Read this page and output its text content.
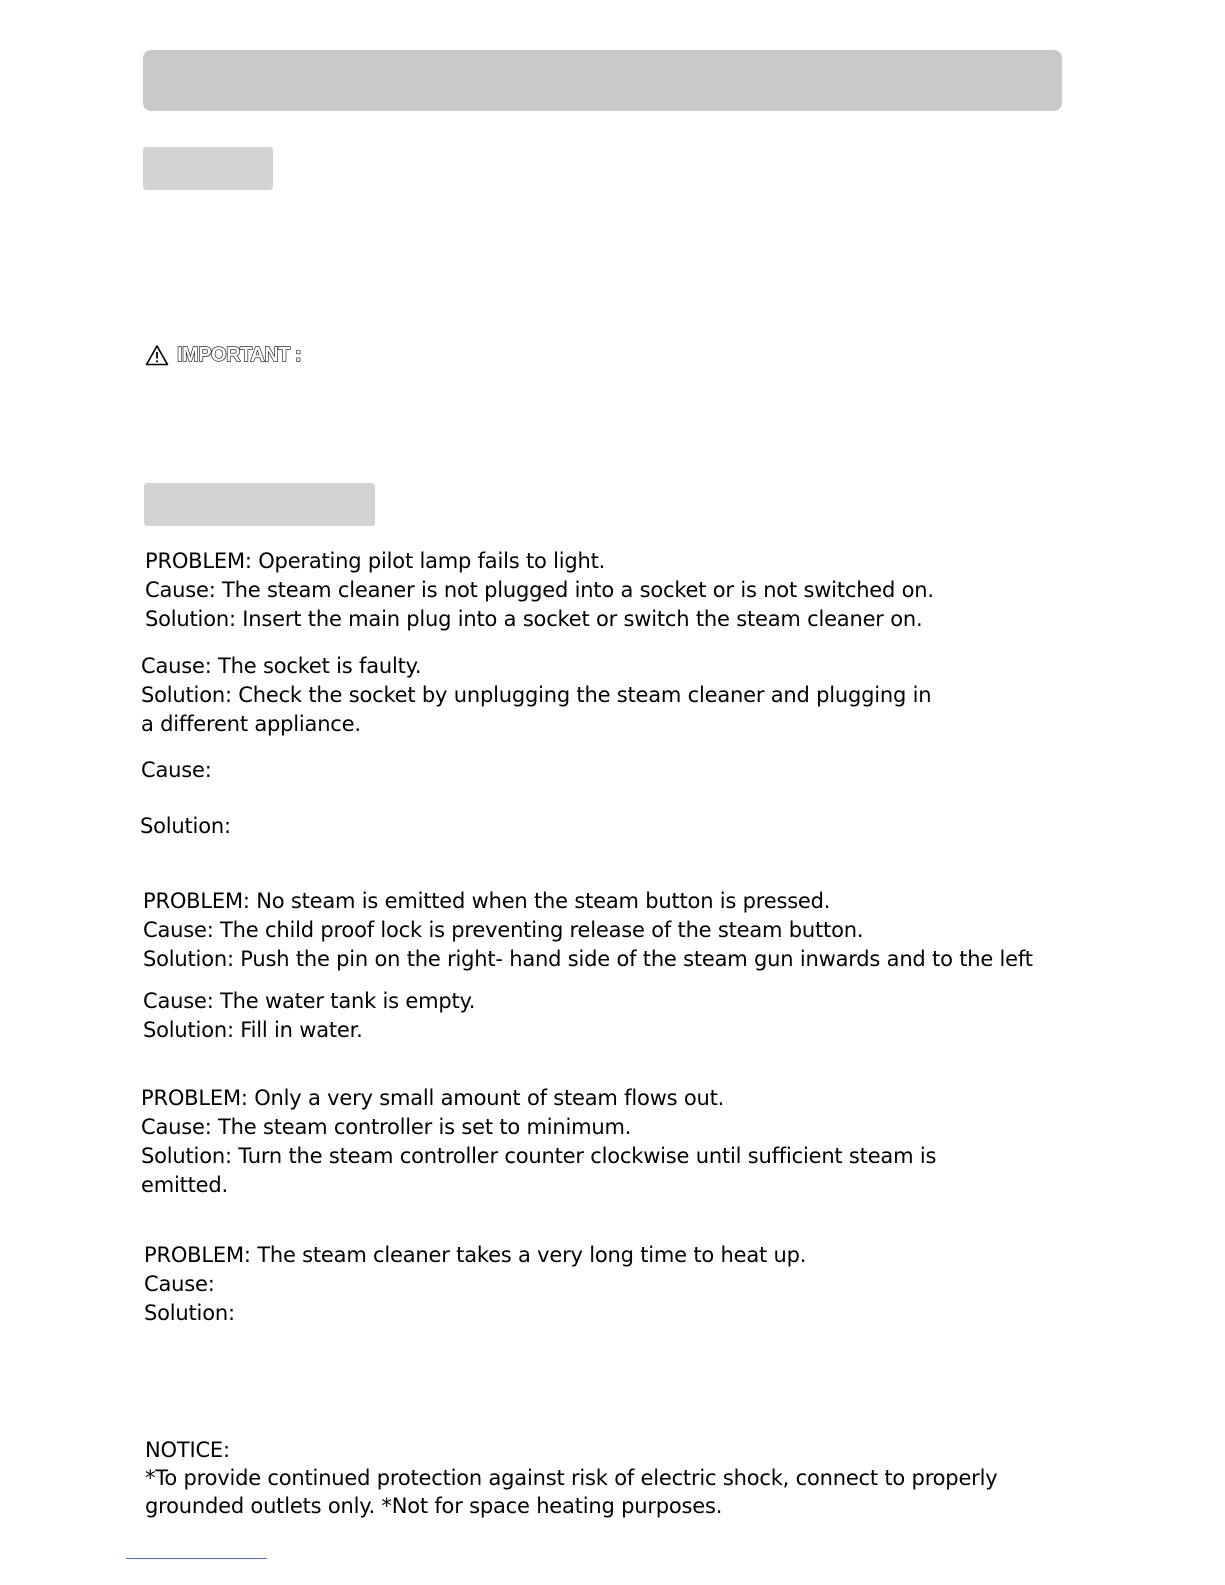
IMPORTANT :
PROBLEM: Operating pilot lamp fails to light.
Cause: The steam cleaner is not plugged into a socket or is not switched on.
Solution: Insert the main plug into a socket or switch the steam cleaner on.
Cause: The socket is faulty.
Solution: Check the socket by unplugging the steam cleaner and plugging in
a different appliance.
Cause:
Solution:
PROBLEM: No steam is emitted when the steam button is pressed.
Cause: The child proof lock is preventing release of the steam button.
Solution: Push the pin on the right- hand side of the steam gun inwards and to the left
Cause: The water tank is empty.
Solution: Fill in water.
PROBLEM: Only a very small amount of steam flows out.
Cause: The steam controller is set to minimum.
Solution: Turn the steam controller counter clockwise until sufficient steam is
emitted.
PROBLEM: The steam cleaner takes a very long time to heat up.
Cause:
Solution:
NOTICE:
*To provide continued protection against risk of electric shock, connect to properly
grounded outlets only. *Not for space heating purposes.
